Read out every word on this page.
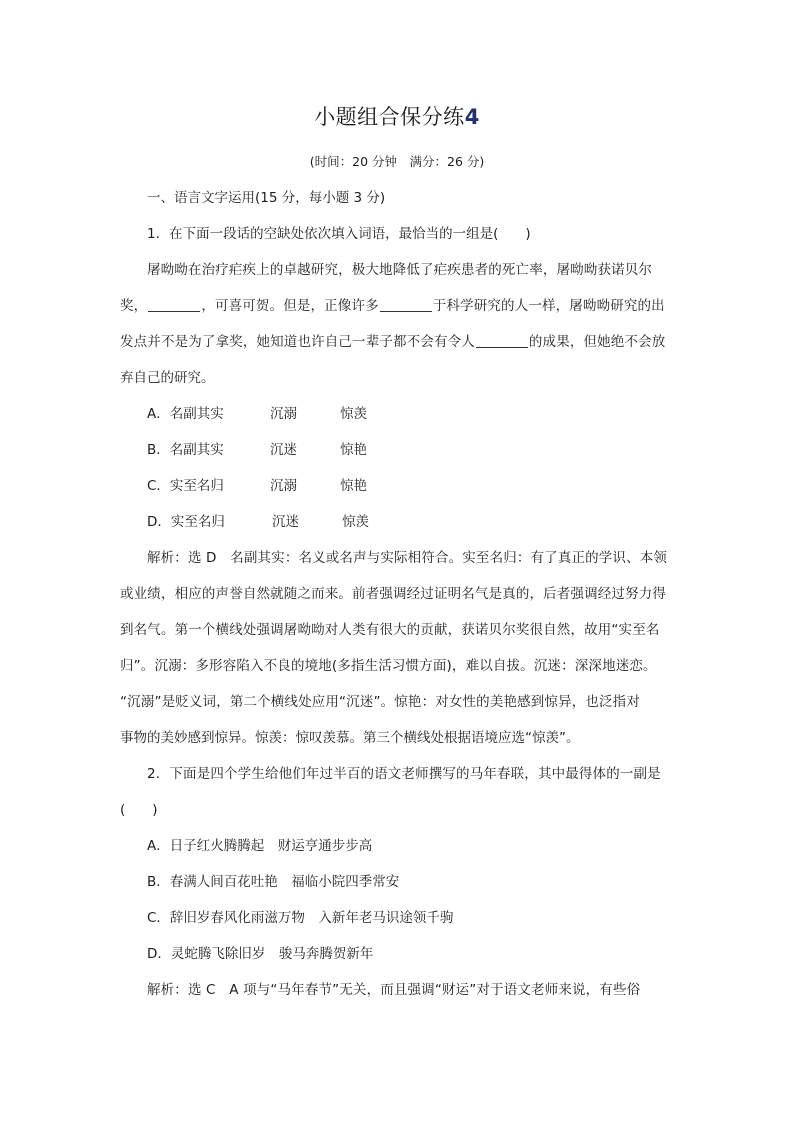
小题组合保分练4
(时间：20 分钟　满分：26 分)
一、语言文字运用(15 分，每小题 3 分)
1．在下面一段话的空缺处依次填入词语，最恰当的一组是(　　)
屠呦呦在治疗疟疾上的卓越研究，极大地降低了疟疾患者的死亡率，屠呦呦获诺贝尔
奖，	，可喜可贺。但是，正像许多	于科学研究的人一样，屠呦呦研究的出
发点并不是为了拿奖，她知道也许自己一辈子都不会有令人	的成果，但她绝不会放
弃自己的研究。
A．名副其实	沉溺	惊羡
B．名副其实	沉迷	惊艳
C．实至名归	沉溺	惊艳
D．实至名归	沉迷	惊羡
解析：选 D　名副其实：名义或名声与实际相符合。实至名归：有了真正的学识、本领
或业绩，相应的声誉自然就随之而来。前者强调经过证明名气是真的，后者强调经过努力得
到名气。第一个横线处强调屠呦呦对人类有很大的贡献，获诺贝尔奖很自然，故用“实至名
归”。沉溺：多形容陷入不良的境地(多指生活习惯方面)，难以自拔。沉迷：深深地迷恋。
“沉溺”是贬义词，第二个横线处应用“沉迷”。惊艳：对女性的美艳感到惊异，也泛指对
事物的美妙感到惊异。惊羡：惊叹羡慕。第三个横线处根据语境应选“惊羡”。
2．下面是四个学生给他们年过半百的语文老师撰写的马年春联，其中最得体的一副是
(　　)
A．日子红火腾腾起　财运亨通步步高
B．春满人间百花吐艳　福临小院四季常安
C．辞旧岁春风化雨滋万物　入新年老马识途领千驹
D．灵蛇腾飞除旧岁　骏马奔腾贺新年
解析：选 C　A 项与“马年春节”无关，而且强调“财运”对于语文老师来说，有些俗
